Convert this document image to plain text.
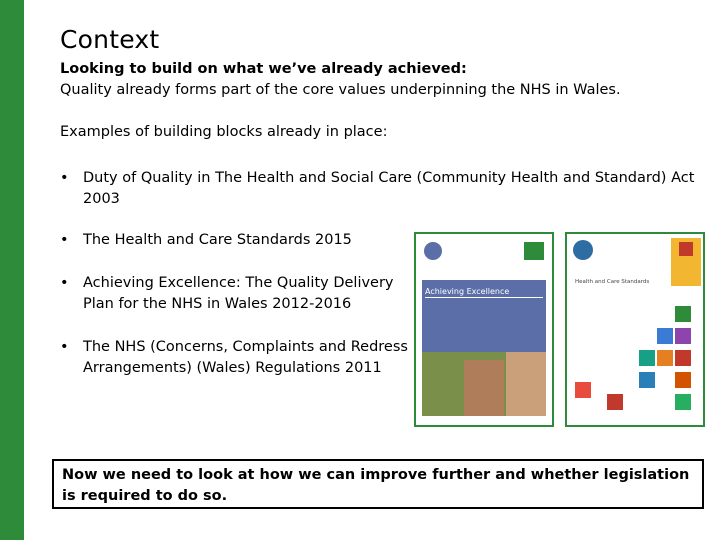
Context
Looking to build on what we’ve already achieved:
Quality already forms part of the core values underpinning the NHS in Wales.
Examples of building blocks already in place:
• Duty of Quality in The Health and Social Care (Community Health and Standard) Act 2003
• The Health and Care Standards 2015
• Achieving Excellence: The Quality Delivery Plan for the NHS in Wales 2012-2016
• The NHS (Concerns, Complaints and Redress Arrangements) (Wales) Regulations 2011
Achieving Excellence
Health and Care Standards
Now we need to look at how we can improve further and whether legislation is required to do so.
